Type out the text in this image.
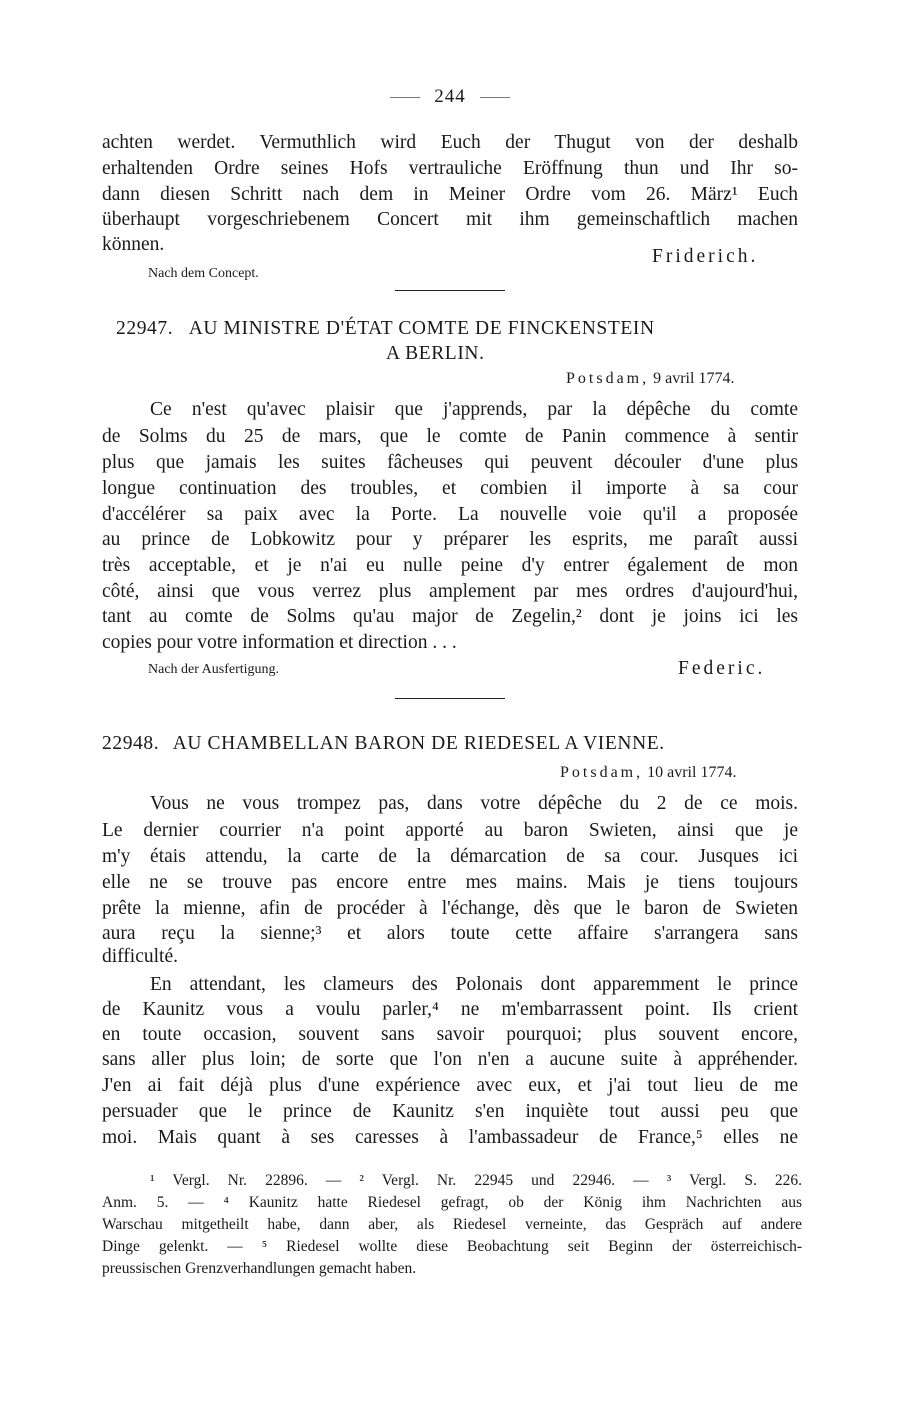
244
achten werdet. Vermuthlich wird Euch der Thugut von der deshalb
erhaltenden Ordre seines Hofs vertrauliche Eröffnung thun und Ihr so-
dann diesen Schritt nach dem in Meiner Ordre vom 26. März¹ Euch
überhaupt vorgeschriebenem Concert mit ihm gemeinschaftlich machen
können.
Friderich.
Nach dem Concept.
22947. AU MINISTRE D'ÉTAT COMTE DE FINCKENSTEIN
A BERLIN.
Potsdam, 9 avril 1774.
Ce n'est qu'avec plaisir que j'apprends, par la dépêche du comte
de Solms du 25 de mars, que le comte de Panin commence à sentir
plus que jamais les suites fâcheuses qui peuvent découler d'une plus
longue continuation des troubles, et combien il importe à sa cour
d'accélérer sa paix avec la Porte. La nouvelle voie qu'il a proposée
au prince de Lobkowitz pour y préparer les esprits, me paraît aussi
très acceptable, et je n'ai eu nulle peine d'y entrer également de mon
côté, ainsi que vous verrez plus amplement par mes ordres d'aujourd'hui,
tant au comte de Solms qu'au major de Zegelin,² dont je joins ici les
copies pour votre information et direction . . .
Nach der Ausfertigung.	Federic.
22948. AU CHAMBELLAN BARON DE RIEDESEL A VIENNE.
Potsdam, 10 avril 1774.
Vous ne vous trompez pas, dans votre dépêche du 2 de ce mois.
Le dernier courrier n'a point apporté au baron Swieten, ainsi que je
m'y étais attendu, la carte de la démarcation de sa cour. Jusques ici
elle ne se trouve pas encore entre mes mains. Mais je tiens toujours
prête la mienne, afin de procéder à l'échange, dès que le baron de Swieten
aura reçu la sienne;³ et alors toute cette affaire s'arrangera sans
difficulté.
En attendant, les clameurs des Polonais dont apparemment le prince
de Kaunitz vous a voulu parler,⁴ ne m'embarrassent point. Ils crient
en toute occasion, souvent sans savoir pourquoi; plus souvent encore,
sans aller plus loin; de sorte que l'on n'en a aucune suite à appréhender.
J'en ai fait déjà plus d'une expérience avec eux, et j'ai tout lieu de me
persuader que le prince de Kaunitz s'en inquiète tout aussi peu que
moi. Mais quant à ses caresses à l'ambassadeur de France,⁵ elles ne
¹ Vergl. Nr. 22896. — ² Vergl. Nr. 22945 und 22946. — ³ Vergl. S. 226.
Anm. 5. — ⁴ Kaunitz hatte Riedesel gefragt, ob der König ihm Nachrichten aus
Warschau mitgetheilt habe, dann aber, als Riedesel verneinte, das Gespräch auf andere
Dinge gelenkt. — ⁵ Riedesel wollte diese Beobachtung seit Beginn der österreichisch-
preussischen Grenzverhandlungen gemacht haben.
